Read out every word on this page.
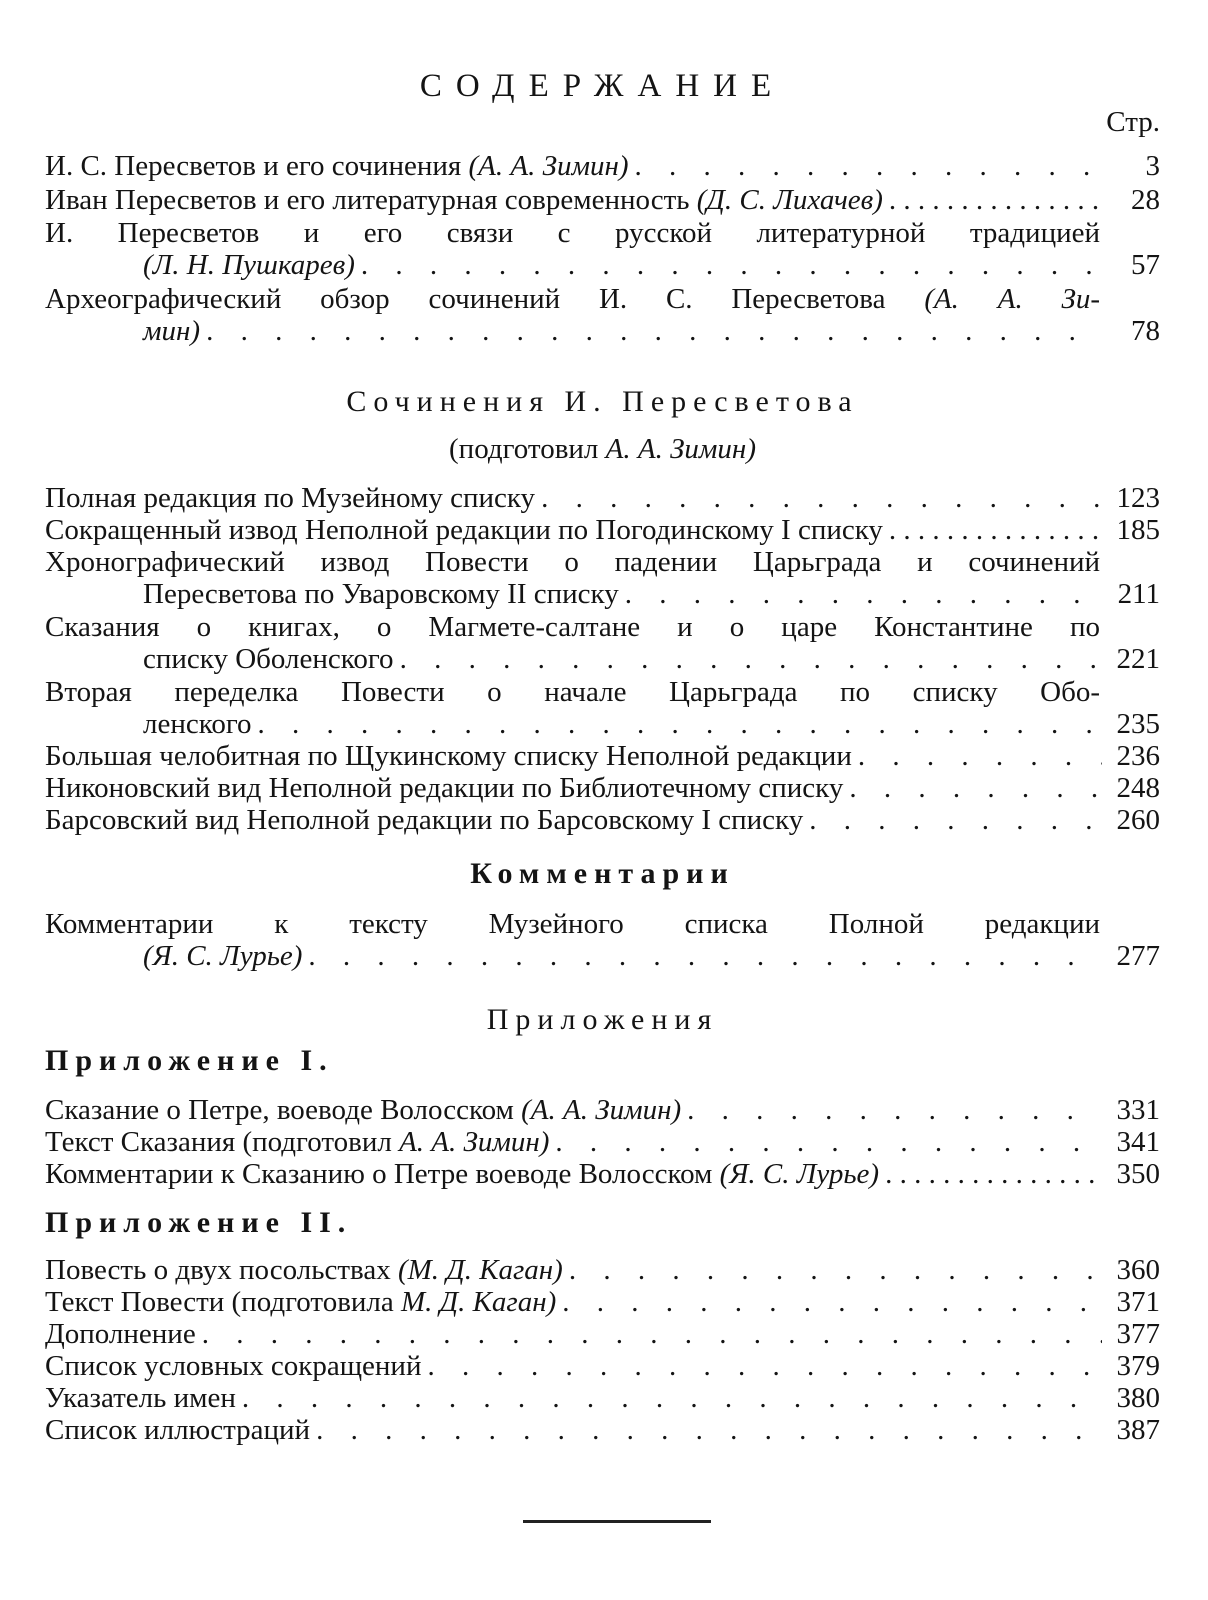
СОДЕРЖАНИЕ
Стр.
И. С. Пересветов и его сочинения (А. А. Зимин) . . .	3
Иван Пересветов и его литературная современность (Д. С. Лихачев) . . .	28
И. Пересветов и его связи с русской литературной традицией
(Л. Н. Пушкарев) . . .	57
Археографический обзор сочинений И. С. Пересветова (А. А. Зи-
мин) . . .	78
Сочинения И. Пересветова
(подготовил А. А. Зимин)
Полная редакция по Музейному списку . . .	123
Сокращенный извод Неполной редакции по Погодинскому I списку . . .	185
Хронографический извод Повести о падении Царьграда и сочинений
Пересветова по Уваровскому II списку . . .	211
Сказания о книгах, о Магмете-салтане и о царе Константине по
списку Оболенского . . .	221
Вторая переделка Повести о начале Царьграда по списку Обо-
ленского . . .	235
Большая челобитная по Щукинскому списку Неполной редакции . . .	236
Никоновский вид Неполной редакции по Библиотечному списку . . .	248
Барсовский вид Неполной редакции по Барсовскому I списку . . .	260
Комментарии
Комментарии к тексту Музейного списка Полной редакции
(Я. С. Лурье) . . .	277
Приложения
Приложение I.
Сказание о Петре, воеводе Волосском (А. А. Зимин) . . .	331
Текст Сказания (подготовил А. А. Зимин) . . .	341
Комментарии к Сказанию о Петре воеводе Волосском (Я. С. Лурье) . . .	350
Приложение II.
Повесть о двух посольствах (М. Д. Каган) . . .	360
Текст Повести (подготовила М. Д. Каган) . . .	371
Дополнение . . .	377
Список условных сокращений . . .	379
Указатель имен . . .	380
Список иллюстраций . . .	387
